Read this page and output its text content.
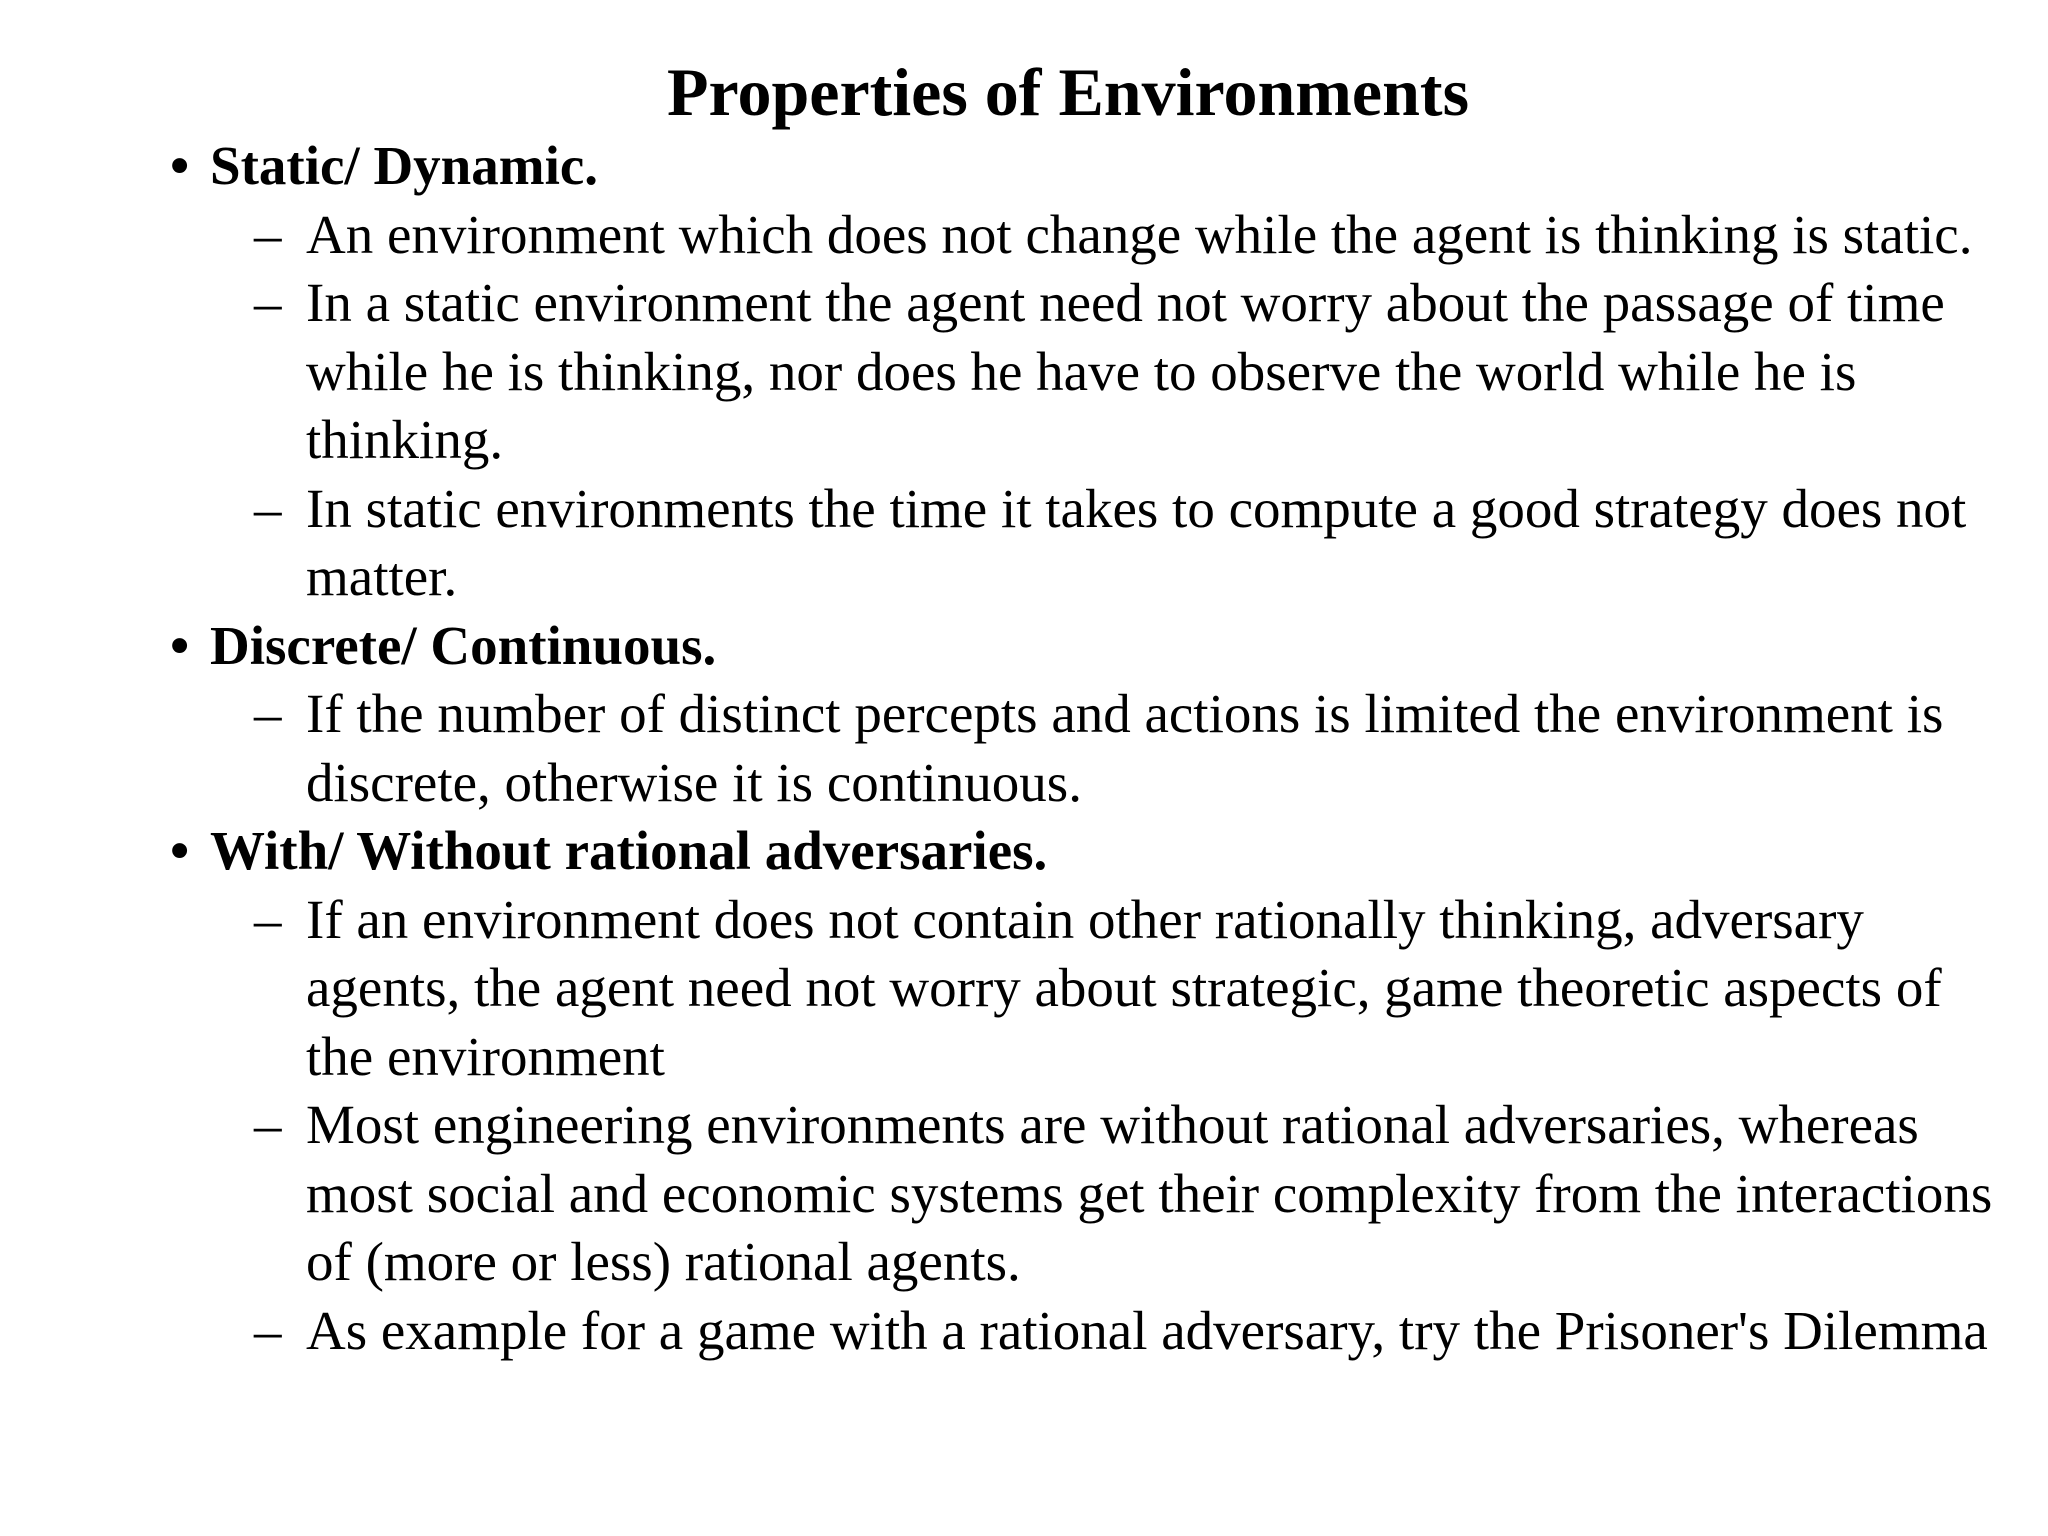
Properties of Environments
• Static/ Dynamic.
– An environment which does not change while the agent is thinking is static.
– In a static environment the agent need not worry about the passage of time while he is thinking, nor does he have to observe the world while he is thinking.
– In static environments the time it takes to compute a good strategy does not matter.
• Discrete/ Continuous.
– If the number of distinct percepts and actions is limited the environment is discrete, otherwise it is continuous.
• With/ Without rational adversaries.
– If an environment does not contain other rationally thinking, adversary agents, the agent need not worry about strategic, game theoretic aspects of the environment
– Most engineering environments are without rational adversaries, whereas most social and economic systems get their complexity from the interactions of (more or less) rational agents.
– As example for a game with a rational adversary, try the Prisoner's Dilemma
